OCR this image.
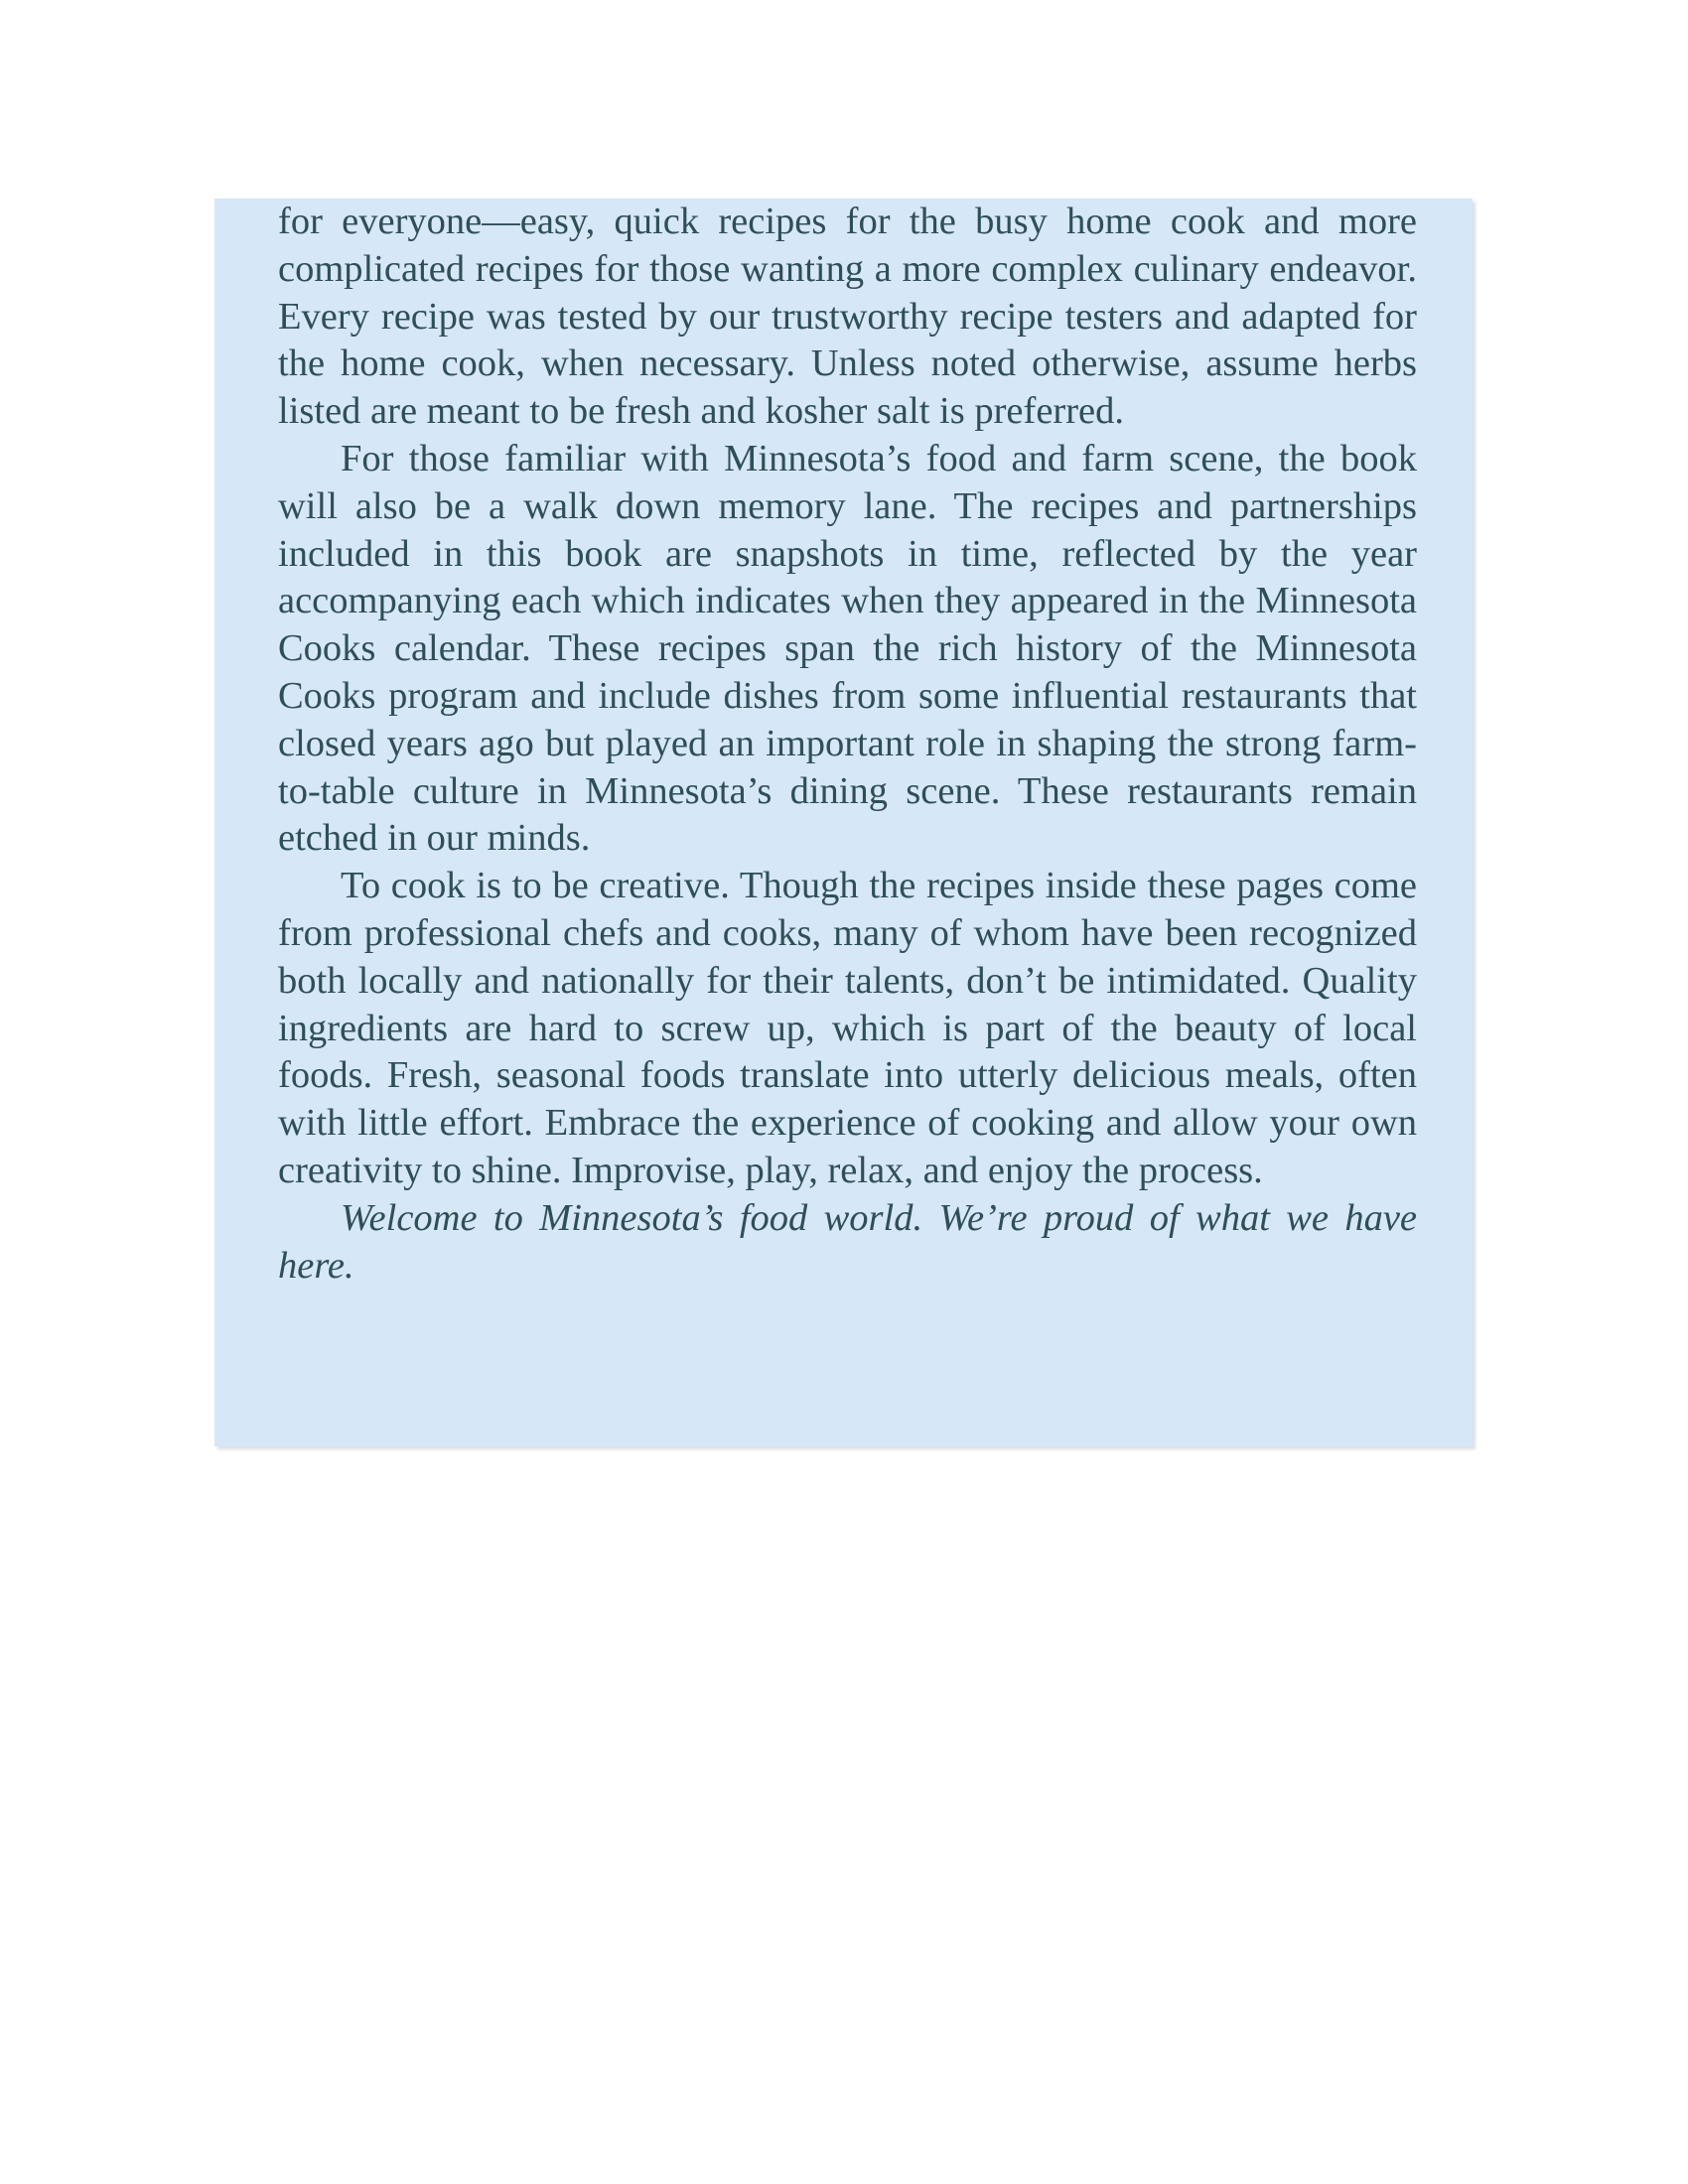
for everyone—easy, quick recipes for the busy home cook and more complicated recipes for those wanting a more complex culinary endeavor. Every recipe was tested by our trustworthy recipe testers and adapted for the home cook, when necessary. Unless noted otherwise, assume herbs listed are meant to be fresh and kosher salt is preferred.

For those familiar with Minnesota’s food and farm scene, the book will also be a walk down memory lane. The recipes and partnerships included in this book are snapshots in time, reflected by the year accompanying each which indicates when they appeared in the Minnesota Cooks calendar. These recipes span the rich history of the Minnesota Cooks program and include dishes from some influential restaurants that closed years ago but played an important role in shaping the strong farm-to-table culture in Minnesota’s dining scene. These restaurants remain etched in our minds.

To cook is to be creative. Though the recipes inside these pages come from professional chefs and cooks, many of whom have been recognized both locally and nationally for their talents, don’t be intimidated. Quality ingredients are hard to screw up, which is part of the beauty of local foods. Fresh, seasonal foods translate into utterly delicious meals, often with little effort. Embrace the experience of cooking and allow your own creativity to shine. Improvise, play, relax, and enjoy the process.

Welcome to Minnesota’s food world. We’re proud of what we have here.
